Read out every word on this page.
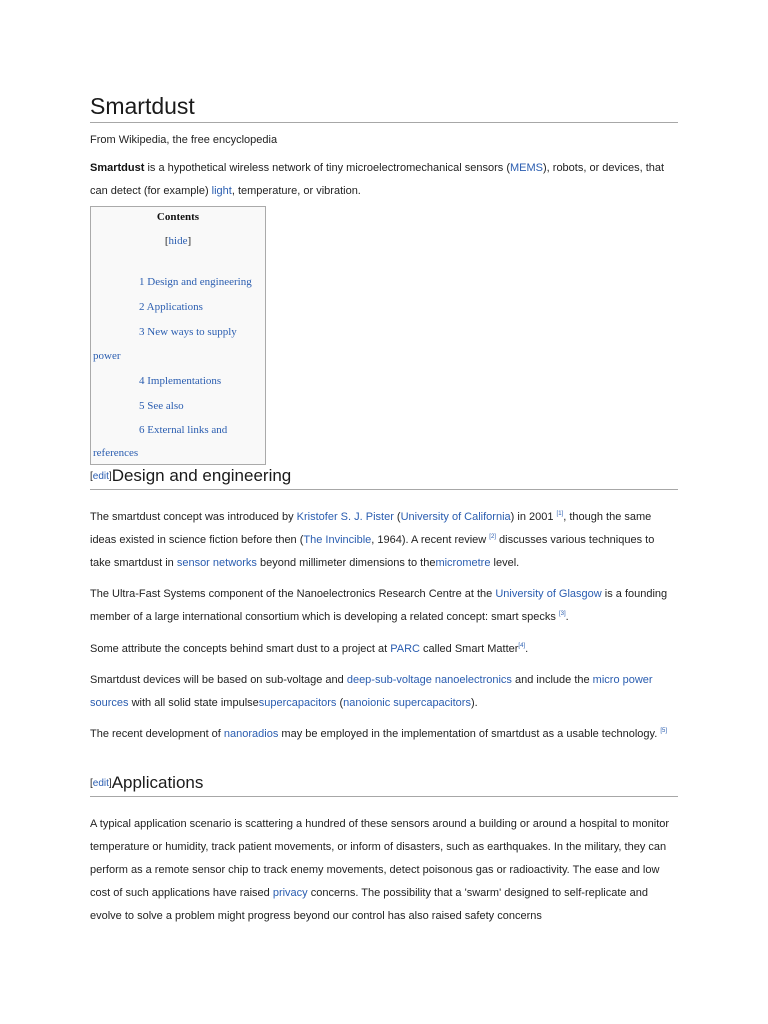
Smartdust
From Wikipedia, the free encyclopedia
Smartdust is a hypothetical wireless network of tiny microelectromechanical sensors (MEMS), robots, or devices, that can detect (for example) light, temperature, or vibration.
Contents
[hide]
1 Design and engineering
2 Applications
3 New ways to supply
power
4 Implementations
5 See also
6 External links and
references
[edit]Design and engineering
The smartdust concept was introduced by Kristofer S. J. Pister (University of California) in 2001 [1], though the same ideas existed in science fiction before then (The Invincible, 1964). A recent review [2] discusses various techniques to take smartdust in sensor networks beyond millimeter dimensions to themicrometre level.
The Ultra-Fast Systems component of the Nanoelectronics Research Centre at the University of Glasgow is a founding member of a large international consortium which is developing a related concept: smart specks [3].
Some attribute the concepts behind smart dust to a project at PARC called Smart Matter[4].
Smartdust devices will be based on sub-voltage and deep-sub-voltage nanoelectronics and include the micro power sources with all solid state impulsesupercapacitors (nanoionic supercapacitors).
The recent development of nanoradios may be employed in the implementation of smartdust as a usable technology. [5]
[edit]Applications
A typical application scenario is scattering a hundred of these sensors around a building or around a hospital to monitor temperature or humidity, track patient movements, or inform of disasters, such as earthquakes. In the military, they can perform as a remote sensor chip to track enemy movements, detect poisonous gas or radioactivity. The ease and low cost of such applications have raised privacy concerns. The possibility that a 'swarm' designed to self-replicate and evolve to solve a problem might progress beyond our control has also raised safety concerns
